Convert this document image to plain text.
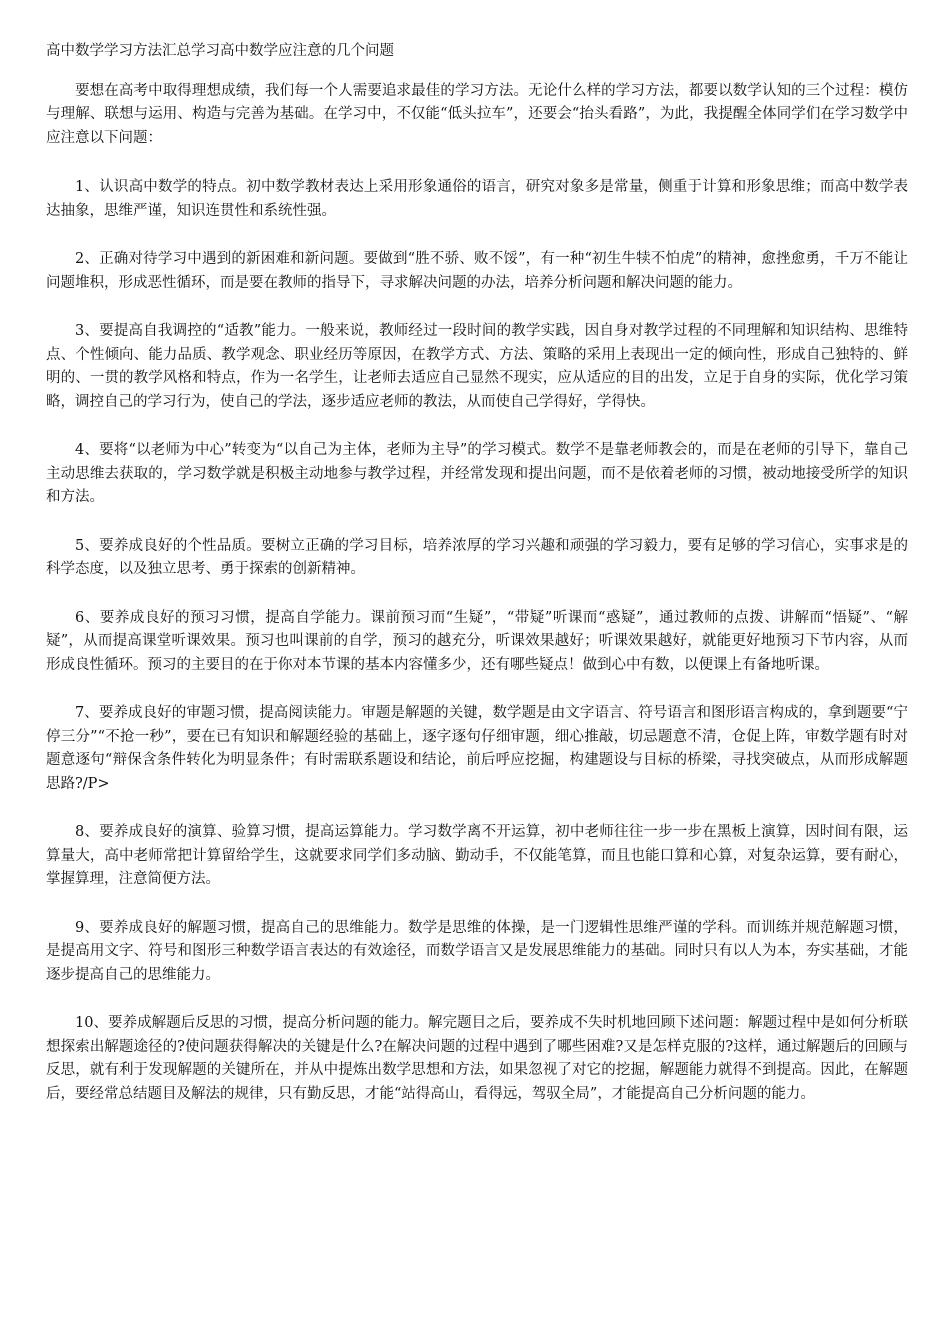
高中数学学习方法汇总学习高中数学应注意的几个问题

要想在高考中取得理想成绩，我们每一个人需要追求最佳的学习方法。无论什么样的学习方法，都要以数学认知的三个过程：模仿与理解、联想与运用、构造与完善为基础。在学习中，不仅能“低头拉车”，还要会“抬头看路”，为此，我提醒全体同学们在学习数学中应注意以下问题：

1、认识高中数学的特点。初中数学教材表达上采用形象通俗的语言，研究对象多是常量，侧重于计算和形象思维；而高中数学表达抽象，思维严谨，知识连贯性和系统性强。

2、正确对待学习中遇到的新困难和新问题。要做到“胜不骄、败不馁”，有一种“初生牛犊不怕虎”的精神，愈挫愈勇，千万不能让问题堆积，形成恶性循环，而是要在教师的指导下，寻求解决问题的办法，培养分析问题和解决问题的能力。

3、要提高自我调控的“适教”能力。一般来说，教师经过一段时间的教学实践，因自身对教学过程的不同理解和知识结构、思维特点、个性倾向、能力品质、教学观念、职业经历等原因，在教学方式、方法、策略的采用上表现出一定的倾向性，形成自己独特的、鲜明的、一贯的教学风格和特点，作为一名学生，让老师去适应自己显然不现实，应从适应的目的出发，立足于自身的实际，优化学习策略，调控自己的学习行为，使自己的学法，逐步适应老师的教法，从而使自己学得好，学得快。

4、要将“以老师为中心”转变为“以自己为主体，老师为主导”的学习模式。数学不是靠老师教会的，而是在老师的引导下，靠自己主动思维去获取的，学习数学就是积极主动地参与教学过程，并经常发现和提出问题，而不是依着老师的习惯，被动地接受所学的知识和方法。

5、要养成良好的个性品质。要树立正确的学习目标，培养浓厚的学习兴趣和顽强的学习毅力，要有足够的学习信心，实事求是的科学态度，以及独立思考、勇于探索的创新精神。

6、要养成良好的预习习惯，提高自学能力。课前预习而“生疑”，“带疑”听课而“惑疑”，通过教师的点拨、讲解而“悟疑”、“解疑”，从而提高课堂听课效果。预习也叫课前的自学，预习的越充分，听课效果越好；听课效果越好，就能更好地预习下节内容，从而形成良性循环。预习的主要目的在于你对本节课的基本内容懂多少，还有哪些疑点！做到心中有数，以便课上有备地听课。

7、要养成良好的审题习惯，提高阅读能力。审题是解题的关键，数学题是由文字语言、符号语言和图形语言构成的，拿到题要“宁停三分”“不抢一秒”，要在已有知识和解题经验的基础上，逐字逐句仔细审题，细心推敲，切忌题意不清，仓促上阵，审数学题有时对题意逐句“辩保含条件转化为明显条件；有时需联系题设和结论，前后呼应挖掘，构建题设与目标的桥梁，寻找突破点，从而形成解题思路?/P>

8、要养成良好的演算、验算习惯，提高运算能力。学习数学离不开运算，初中老师往往一步一步在黑板上演算，因时间有限，运算量大，高中老师常把计算留给学生，这就要求同学们多动脑、勤动手，不仅能笔算，而且也能口算和心算，对复杂运算，要有耐心，掌握算理，注意简便方法。

9、要养成良好的解题习惯，提高自己的思维能力。数学是思维的体操，是一门逻辑性思维严谨的学科。而训练并规范解题习惯，是提高用文字、符号和图形三种数学语言表达的有效途径，而数学语言又是发展思维能力的基础。同时只有以人为本，夯实基础，才能逐步提高自己的思维能力。

10、要养成解题后反思的习惯，提高分析问题的能力。解完题目之后，要养成不失时机地回顾下述问题：解题过程中是如何分析联想探索出解题途径的?使问题获得解决的关键是什么?在解决问题的过程中遇到了哪些困难?又是怎样克服的?这样，通过解题后的回顾与反思，就有利于发现解题的关键所在，并从中提炼出数学思想和方法，如果忽视了对它的挖掘，解题能力就得不到提高。因此，在解题后，要经常总结题目及解法的规律，只有勤反思，才能“站得高山，看得远，驾驭全局”，才能提高自己分析问题的能力。
